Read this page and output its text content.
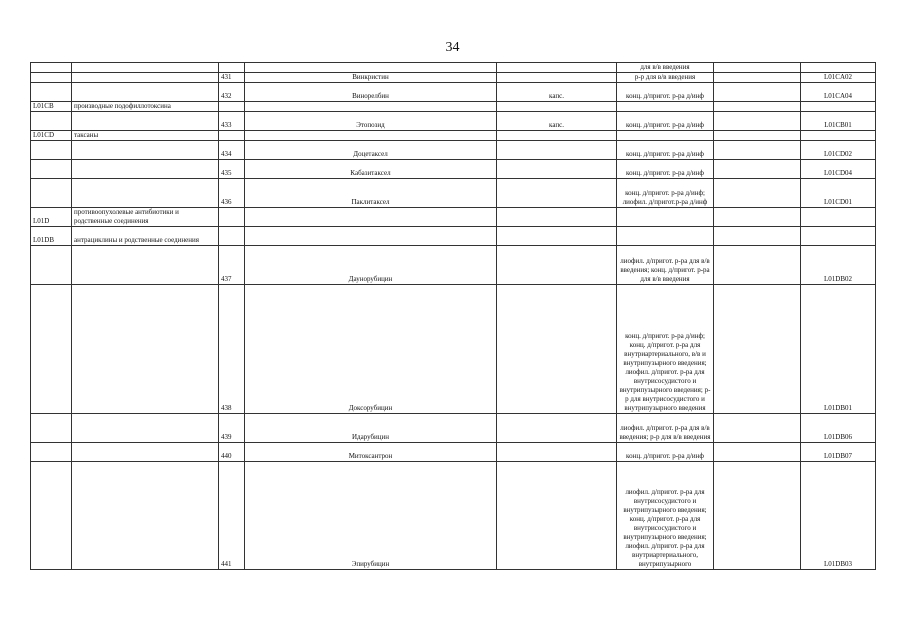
34
					для в/в введения		
		431	Винкристин		р-р для в/в введения		L01CA02
		432	Винорелбин	капс.	конц. д/пригот. р-ра д/инф		L01CA04
L01CB	производные подофиллотоксина						
		433	Этопозид	капс.	конц. д/пригот. р-ра д/инф		L01CB01
L01CD	таксаны						
		434	Доцетаксел		конц. д/пригот. р-ра д/инф		L01CD02
		435	Кабазитаксел		конц. д/пригот. р-ра д/инф		L01CD04
		436	Паклитаксел		конц. д/пригот. р-ра д/инф; лиофил. д/пригот.р-ра д/инф		L01CD01
L01D	противоопухолевые антибиотики и родственные соединения						
L01DB	антрациклины и родственные соединения						
		437	Даунорубицин		лиофил. д/пригот. р-ра для в/в введения; конц. д/пригот. р-ра для в/в введения		L01DB02
		438	Доксорубицин		конц. д/пригот. р-ра д/инф; конц. д/пригот. р-ра для внутриартериального, в/в и внутрипузырного введения; лиофил. д/пригот. р-ра для внутрисосудистого и внутрипузырного введения; р-р для внутрисосудистого и внутрипузырного введения		L01DB01
		439	Идарубицин		лиофил. д/пригот. р-ра для в/в введения; р-р для в/в введения		L01DB06
		440	Митоксантрон		конц. д/пригот. р-ра д/инф		L01DB07
		441	Эпирубицин		лиофил. д/пригот. р-ра для внутрисосудистого и внутрипузырного введения; конц. д/пригот. р-ра для внутрисосудистого и внутрипузырного введения; лиофил. д/пригот. р-ра для внутриартериального, внутрипузырного		L01DB03
